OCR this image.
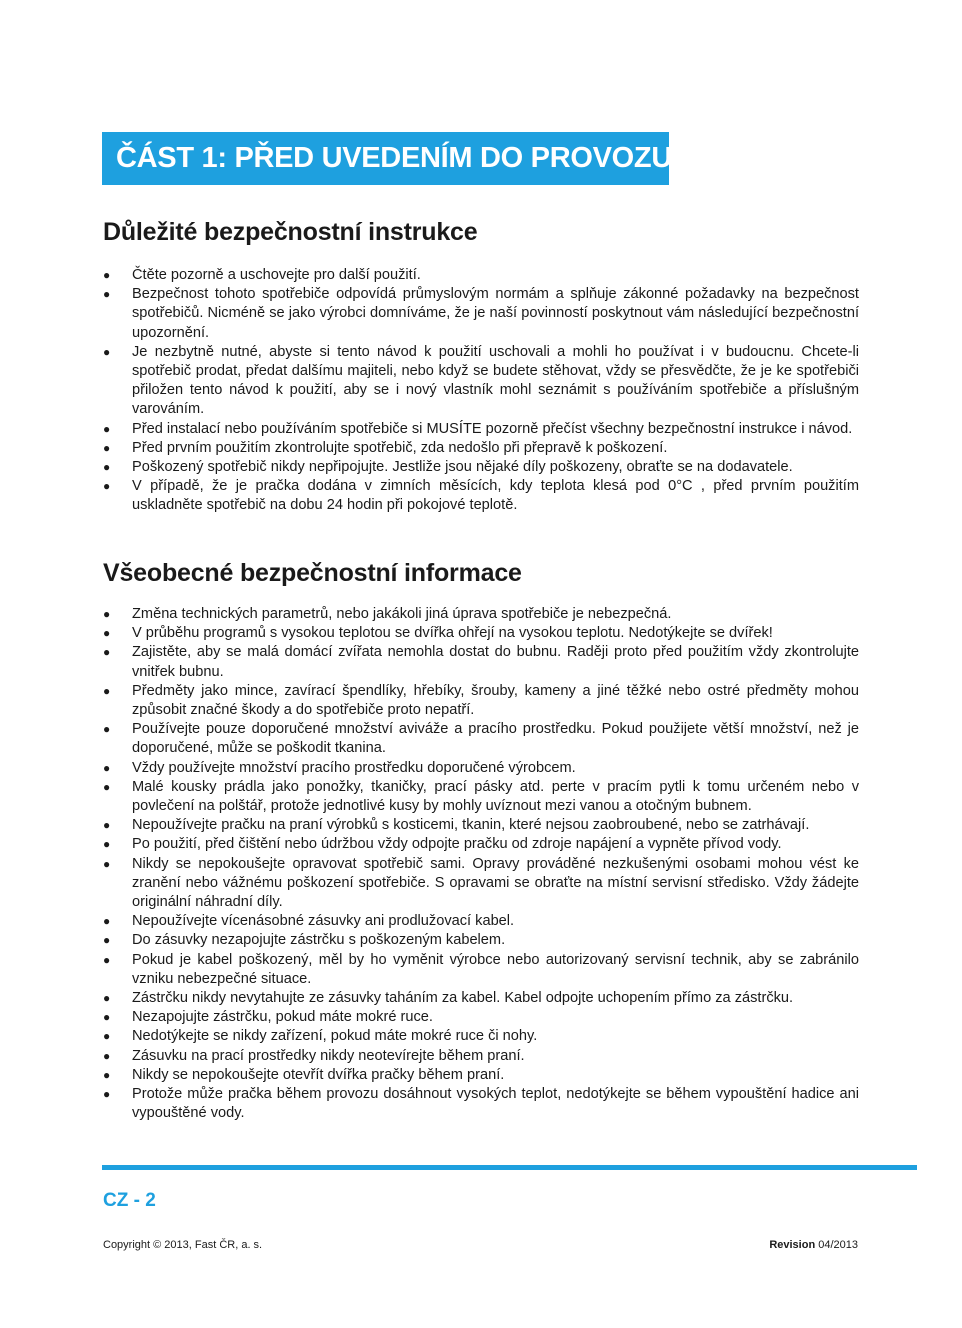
ČÁST 1: PŘED UVEDENÍM DO PROVOZU
Důležité bezpečnostní instrukce
● Čtěte pozorně a uschovejte pro další použití.
● Bezpečnost tohoto spotřebiče odpovídá průmyslovým normám a splňuje zákonné požadavky na bezpečnost spotřebičů. Nicméně se jako výrobci domníváme, že je naší povinností poskytnout vám následující bezpečnostní upozornění.
● Je nezbytně nutné, abyste si tento návod k použití uschovali a mohli ho používat i v budoucnu. Chcete-li spotřebič prodat, předat dalšímu majiteli, nebo když se budete stěhovat, vždy se přesvědčte, že je ke spotřebiči přiložen tento návod k použití, aby se i nový vlastník mohl seznámit s používáním spotřebiče a příslušným varováním.
● Před instalací nebo používáním spotřebiče si MUSÍTE pozorně přečíst všechny bezpečnostní instrukce i návod.
● Před prvním použitím zkontrolujte spotřebič, zda nedošlo při přepravě k poškození.
● Poškozený spotřebič nikdy nepřipojujte. Jestliže jsou nějaké díly poškozeny, obraťte se na dodavatele.
● V případě, že je pračka dodána v zimních měsících, kdy teplota klesá pod 0°C , před prvním použitím uskladněte spotřebič na dobu 24 hodin při pokojové teplotě.
Všeobecné bezpečnostní informace
● Změna technických parametrů, nebo jakákoli jiná úprava spotřebiče je nebezpečná.
● V průběhu programů s vysokou teplotou se dvířka ohřejí na vysokou teplotu. Nedotýkejte se dvířek!
● Zajistěte, aby se malá domácí zvířata nemohla dostat do bubnu. Raději proto před použitím vždy zkontrolujte vnitřek bubnu.
● Předměty jako mince, zavírací špendlíky, hřebíky, šrouby, kameny a jiné těžké nebo ostré předměty mohou způsobit značné škody a do spotřebiče proto nepatří.
● Používejte pouze doporučené množství aviváže a pracího prostředku. Pokud použijete větší množství, než je doporučené, může se poškodit tkanina.
● Vždy používejte množství pracího prostředku doporučené výrobcem.
● Malé kousky prádla jako ponožky, tkaničky, prací pásky atd. perte v pracím pytli k tomu určeném nebo v povlečení na polštář, protože jednotlivé kusy by mohly uvíznout mezi vanou a otočným bubnem.
● Nepoužívejte pračku na praní výrobků s kosticemi, tkanin, které nejsou zaobroubené, nebo se zatrhávají.
● Po použití, před čištění nebo údržbou vždy odpojte pračku od zdroje napájení a vypněte přívod vody.
● Nikdy se nepokoušejte opravovat spotřebič sami. Opravy prováděné nezkušenými osobami mohou vést ke zranění nebo vážnému poškození spotřebiče. S opravami se obraťte na místní servisní středisko. Vždy žádejte originální náhradní díly.
● Nepoužívejte vícenásobné zásuvky ani prodlužovací kabel.
● Do zásuvky nezapojujte zástrčku s poškozeným kabelem.
● Pokud je kabel poškozený, měl by ho vyměnit výrobce nebo autorizovaný servisní technik, aby se zabránilo vzniku nebezpečné situace.
● Zástrčku nikdy nevytahujte ze zásuvky taháním za kabel. Kabel odpojte uchopením přímo za zástrčku.
● Nezapojujte zástrčku, pokud máte mokré ruce.
● Nedotýkejte se nikdy zařízení, pokud máte mokré ruce či nohy.
● Zásuvku na prací prostředky nikdy neotevírejte během praní.
● Nikdy se nepokoušejte otevřít dvířka pračky během praní.
● Protože může pračka během provozu dosáhnout vysokých teplot, nedotýkejte se během vypouštění hadice ani vypouštěné vody.
CZ - 2
Copyright © 2013, Fast ČR, a. s.	Revision 04/2013
